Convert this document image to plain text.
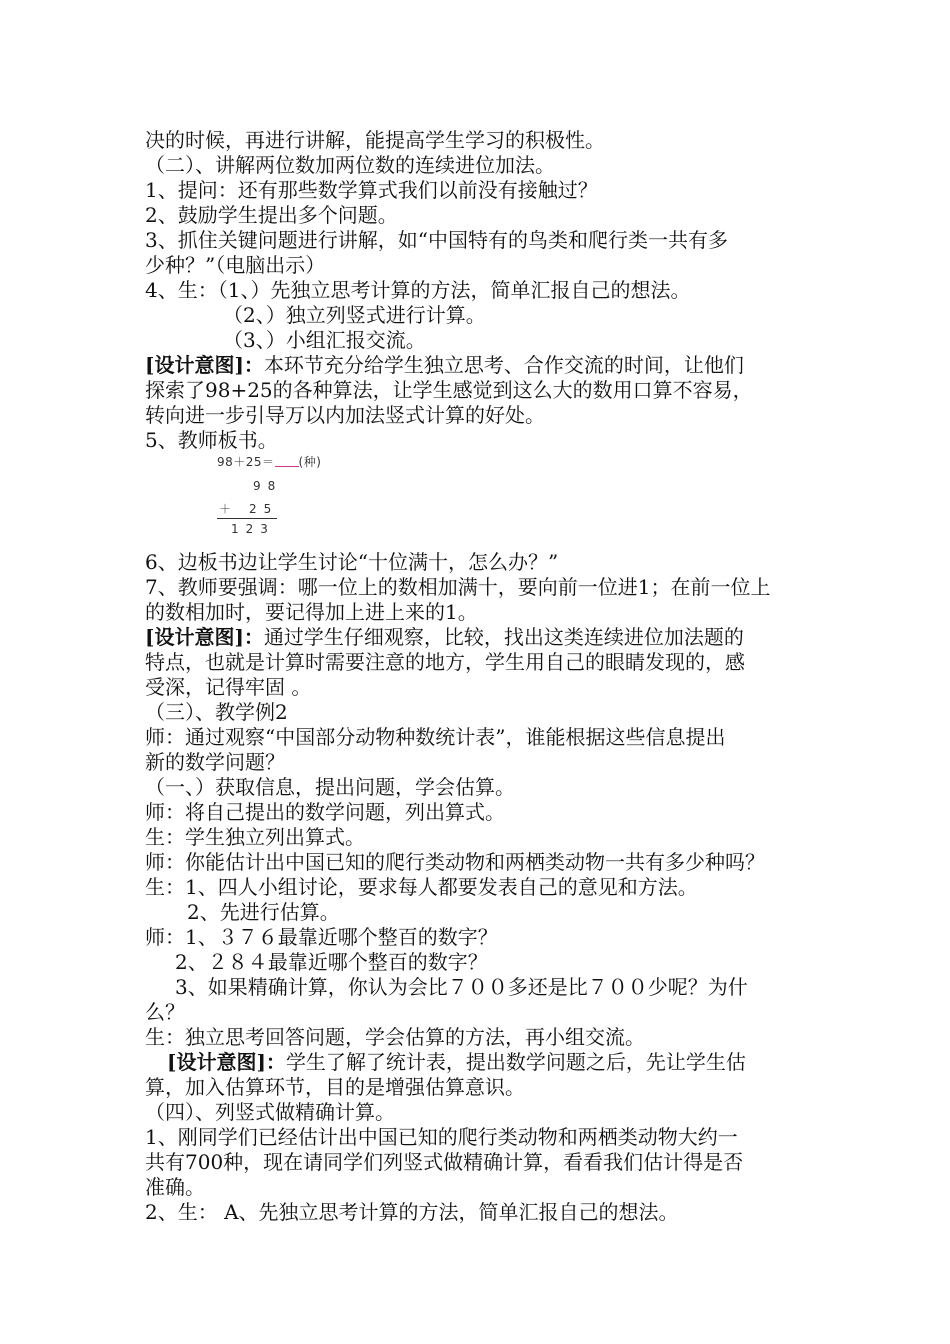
决的时候，再进行讲解，能提高学生学习的积极性。
（二）、讲解两位数加两位数的连续进位加法。
1、提问：还有那些数学算式我们以前没有接触过？
2、鼓励学生提出多个问题。
3、抓住关键问题进行讲解，如“中国特有的鸟类和爬行类一共有多
少种？”（电脑出示）
4、生：（1、）先独立思考计算的方法，简单汇报自己的想法。
（2、）独立列竖式进行计算。
（3、）小组汇报交流。
[设计意图]：本环节充分给学生独立思考、合作交流的时间，让他们
探索了98+25的各种算法，让学生感觉到这么大的数用口算不容易，
转向进一步引导万以内加法竖式计算的好处。
5、教师板书。
6、边板书边让学生讨论“十位满十，怎么办？”
7、教师要强调：哪一位上的数相加满十，要向前一位进1；在前一位上
的数相加时，要记得加上进上来的1。
[设计意图]：通过学生仔细观察，比较，找出这类连续进位加法题的
特点，也就是计算时需要注意的地方，学生用自己的眼睛发现的，感
受深，记得牢固 。
（三）、教学例2
师：通过观察“中国部分动物种数统计表”，谁能根据这些信息提出
新的数学问题？
（一、）获取信息，提出问题，学会估算。
师：将自己提出的数学问题，列出算式。
生：学生独立列出算式。
师：你能估计出中国已知的爬行类动物和两栖类动物一共有多少种吗？
生：1、四人小组讨论，要求每人都要发表自己的意见和方法。
2、先进行估算。
师：1、３７６最靠近哪个整百的数字？
2、２８４最靠近哪个整百的数字？
3、如果精确计算，你认为会比７００多还是比７００少呢？为什
么？
生：独立思考回答问题，学会估算的方法，再小组交流。
[设计意图]：学生了解了统计表，提出数学问题之后，先让学生估
算，加入估算环节，目的是增强估算意识。
（四）、列竖式做精确计算。
1、刚同学们已经估计出中国已知的爬行类动物和两栖类动物大约一
共有700种，现在请同学们列竖式做精确计算，看看我们估计得是否
准确。
2、生： A、先独立思考计算的方法，简单汇报自己的想法。
98＋25＝ (种)
98
＋ 25
123
